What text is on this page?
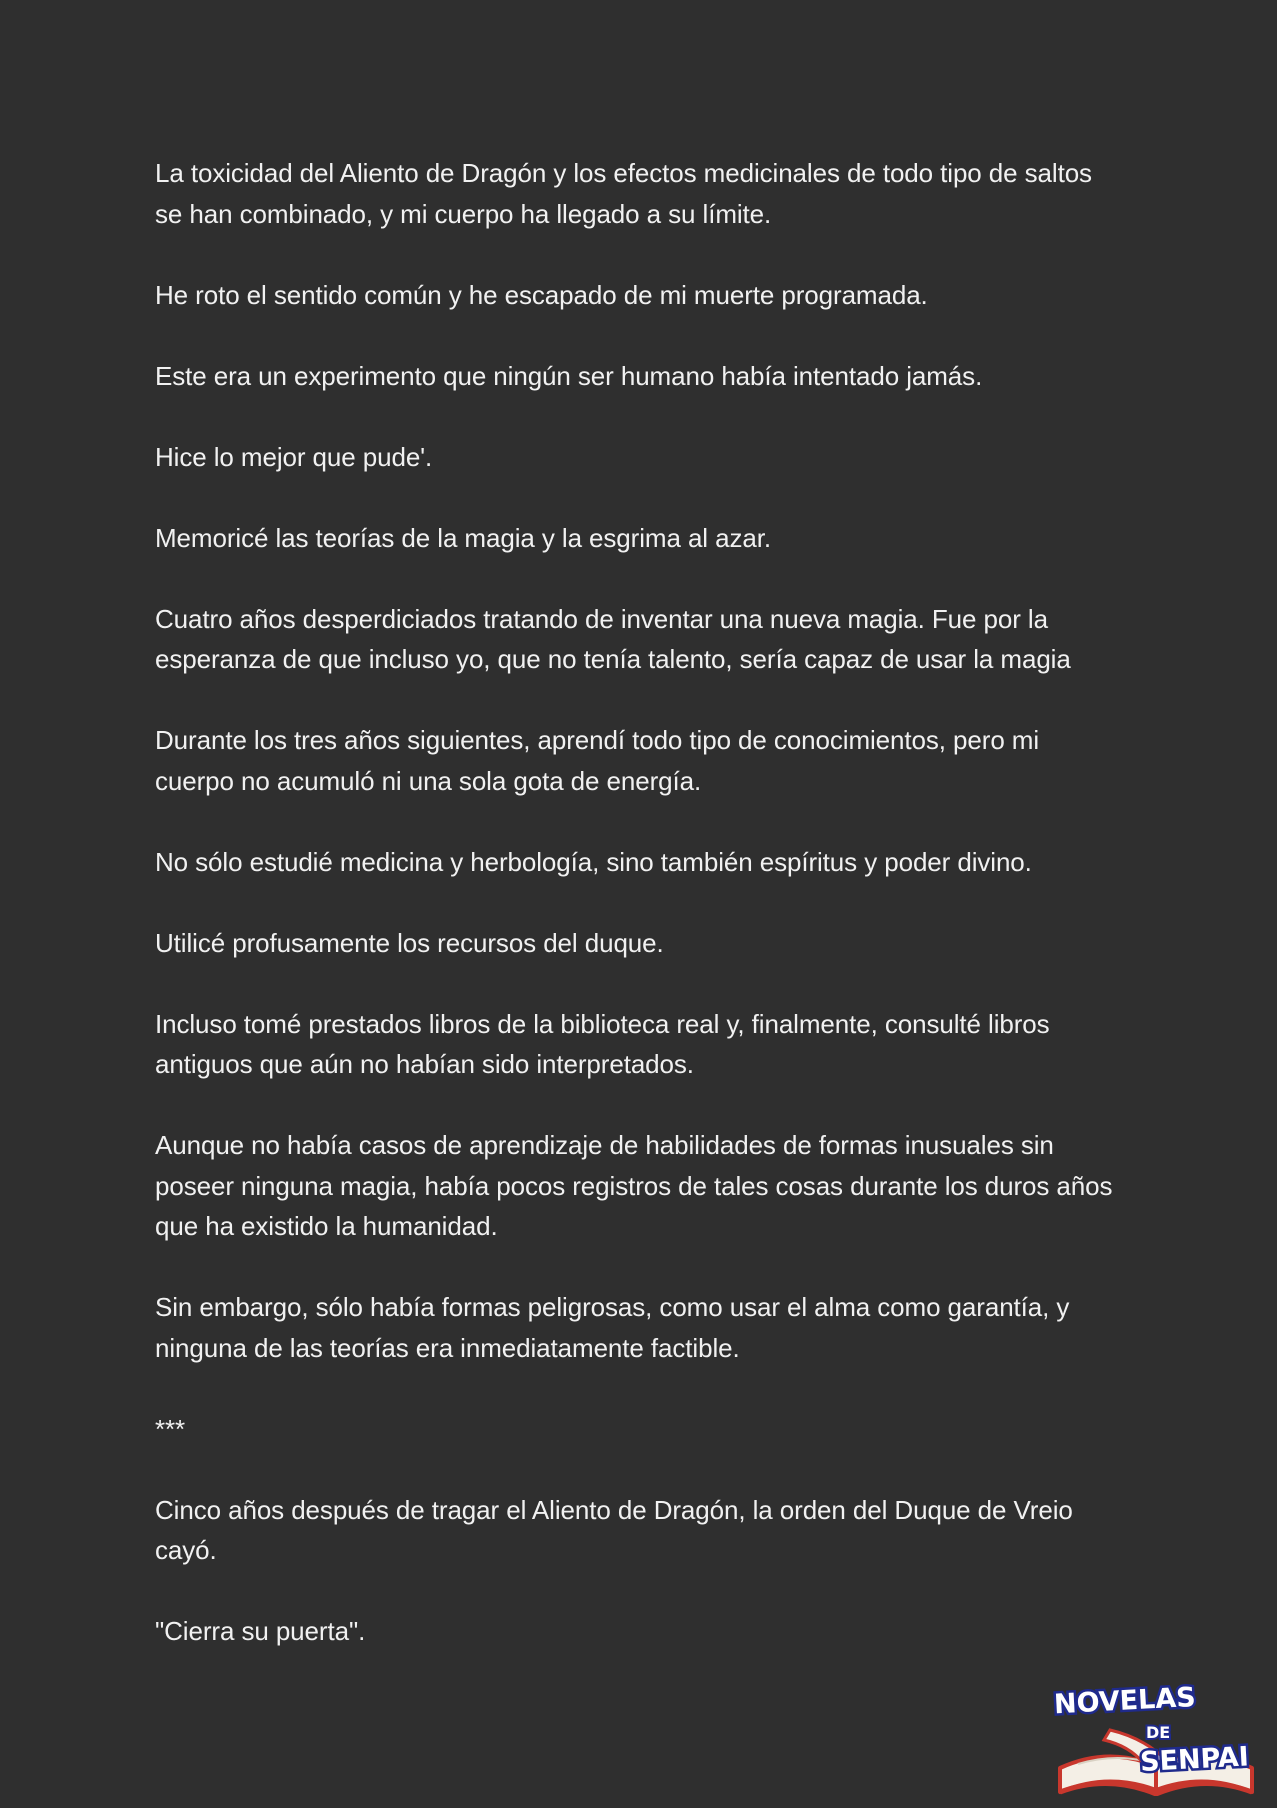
La toxicidad del Aliento de Dragón y los efectos medicinales de todo tipo de saltos se han combinado, y mi cuerpo ha llegado a su límite.

He roto el sentido común y he escapado de mi muerte programada.

Este era un experimento que ningún ser humano había intentado jamás.

Hice lo mejor que pude'.

Memoricé las teorías de la magia y la esgrima al azar.

Cuatro años desperdiciados tratando de inventar una nueva magia. Fue por la esperanza de que incluso yo, que no tenía talento, sería capaz de usar la magia

Durante los tres años siguientes, aprendí todo tipo de conocimientos, pero mi cuerpo no acumuló ni una sola gota de energía.

No sólo estudié medicina y herbología, sino también espíritus y poder divino.

Utilicé profusamente los recursos del duque.

Incluso tomé prestados libros de la biblioteca real y, finalmente, consulté libros antiguos que aún no habían sido interpretados.

Aunque no había casos de aprendizaje de habilidades de formas inusuales sin poseer ninguna magia, había pocos registros de tales cosas durante los duros años que ha existido la humanidad.

Sin embargo, sólo había formas peligrosas, como usar el alma como garantía, y ninguna de las teorías era inmediatamente factible.

***

Cinco años después de tragar el Aliento de Dragón, la orden del Duque de Vreio cayó.

"Cierra su puerta".

NOVELAS
DE
SENPAI
